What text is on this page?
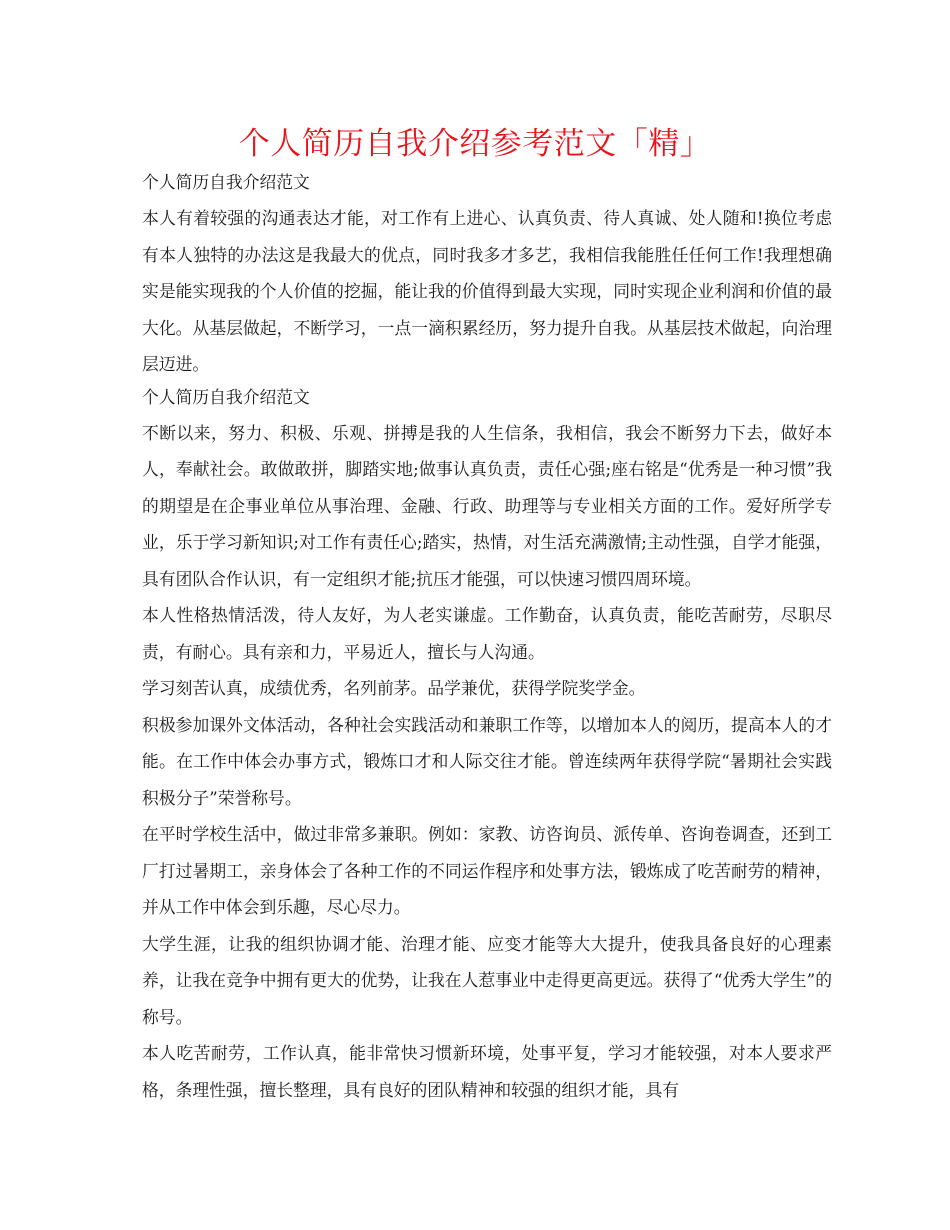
个人简历自我介绍参考范文「精」
个人简历自我介绍范文

本人有着较强的沟通表达才能，对工作有上进心、认真负责、待人真诚、处人随和!换位考虑有本人独特的办法这是我最大的优点，同时我多才多艺，我相信我能胜任任何工作!我理想确实是能实现我的个人价值的挖掘，能让我的价值得到最大实现，同时实现企业利润和价值的最大化。从基层做起，不断学习，一点一滴积累经历，努力提升自我。从基层技术做起，向治理层迈进。

个人简历自我介绍范文

不断以来，努力、积极、乐观、拼搏是我的人生信条，我相信，我会不断努力下去，做好本人，奉献社会。敢做敢拼，脚踏实地;做事认真负责，责任心强;座右铭是“优秀是一种习惯”我的期望是在企事业单位从事治理、金融、行政、助理等与专业相关方面的工作。爱好所学专业，乐于学习新知识;对工作有责任心;踏实，热情，对生活充满激情;主动性强，自学才能强，具有团队合作认识，有一定组织才能;抗压才能强，可以快速习惯四周环境。

本人性格热情活泼，待人友好，为人老实谦虚。工作勤奋，认真负责，能吃苦耐劳，尽职尽责，有耐心。具有亲和力，平易近人，擅长与人沟通。

学习刻苦认真，成绩优秀，名列前茅。品学兼优，获得学院奖学金。

积极参加课外文体活动，各种社会实践活动和兼职工作等，以增加本人的阅历，提高本人的才能。在工作中体会办事方式，锻炼口才和人际交往才能。曾连续两年获得学院“暑期社会实践积极分子”荣誉称号。

在平时学校生活中，做过非常多兼职。例如：家教、访咨询员、派传单、咨询卷调查，还到工厂打过暑期工，亲身体会了各种工作的不同运作程序和处事方法，锻炼成了吃苦耐劳的精神，并从工作中体会到乐趣，尽心尽力。

大学生涯，让我的组织协调才能、治理才能、应变才能等大大提升，使我具备良好的心理素养，让我在竞争中拥有更大的优势，让我在人惹事业中走得更高更远。获得了“优秀大学生”的称号。

本人吃苦耐劳，工作认真，能非常快习惯新环境，处事平复，学习才能较强，对本人要求严格，条理性强，擅长整理，具有良好的团队精神和较强的组织才能，具有
